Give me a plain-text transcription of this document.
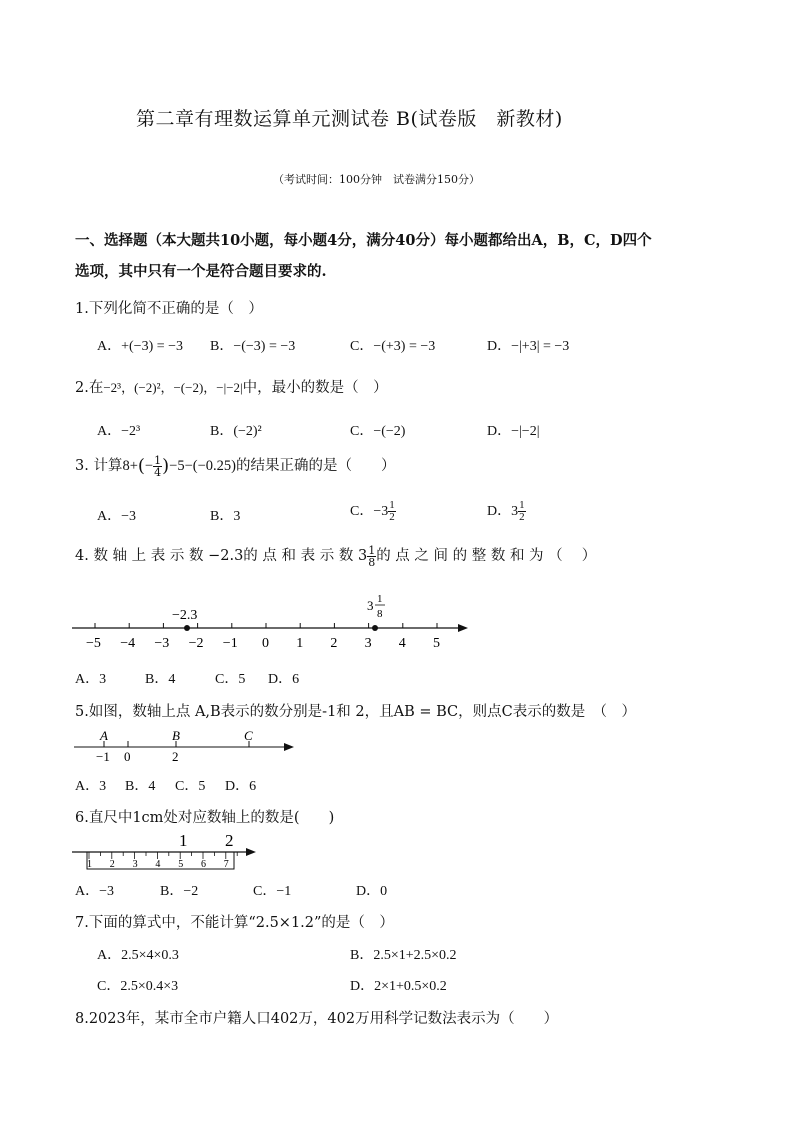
第二章有理数运算单元测试卷 B(试卷版　新教材)
（考试时间：100分钟　试卷满分150分）
一、选择题（本大题共10小题，每小题4分，满分40分）每小题都给出A，B，C，D四个
选项，其中只有一个是符合题目要求的.
1.下列化简不正确的是（　）
A．+(−3) = −3 B．−(−3) = −3	C．−(+3) = −3	D．−|+3| = −3
2.在−2³，(−2)²，−(−2)，−|−2|中，最小的数是（　）
A．−2³	B．(−2)²	C．−(−2)	D．−|−2|
3. 计算$8+(- \frac{1}{4} )-5-(-0.25)$的结果正确的是（　　）
A．−3	B．3	C．$-3 \frac{1}{2}$	D．$3 \frac{1}{2}$
4. 数 轴 上 表 示 数 −2.3的 点 和 表 示 数 $3 \frac{1}{8}$ 的 点 之 间 的 整 数 和 为 （　 ）
−5 −4 −3 −2 −1 0 1 2 3 4 5
−2.3
3 1
8
A．3	B．4	C．5 D．6
5.如图，数轴上点 A,B表示的数分别是-1和 2，且AB = BC，则点C表示的数是　（　）
A	B	C
−1 0	2
A．3 B．4 C．5 D．6
6.直尺中1cm处对应数轴上的数是(　　)
1 2
1 2 3 4 5 6 7
A．−3	B．−2	C．−1	D．0
7.下面的算式中，不能计算“2.5×1.2”的是（　）
A．2.5×4×0.3	B．2.5×1+2.5×0.2
C．2.5×0.4×3	D．2×1+0.5×0.2
8.2023年，某市全市户籍人口402万，402万用科学记数法表示为（　　）
